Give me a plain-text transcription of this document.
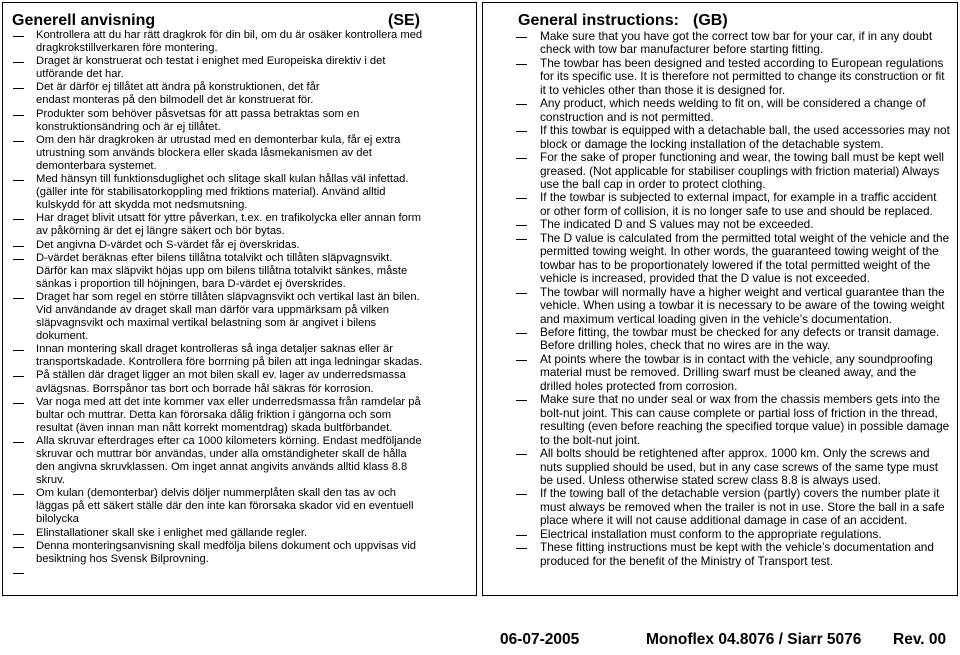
Generell anvisning	(SE)
Kontrollera att du har rätt dragkrok för din bil, om du är osäker kontrollera med
dragkrokstillverkaren före montering.
Draget är konstruerat och testat i enighet med Europeiska direktiv i det
utförande det har.
Det är därför ej tillåtet att ändra på konstruktionen, det får
endast monteras på den bilmodell det är konstruerat för.
Produkter som behöver påsvetsas för att passa betraktas som en
konstruktionsändring och är ej tillåtet.
Om den här dragkroken är utrustad med en demonterbar kula, får ej extra
utrustning som används blockera eller skada låsmekanismen av det
demonterbara systemet.
Med hänsyn till funktionsduglighet och slitage skall kulan hållas väl infettad.
(gäller inte för stabilisatorkoppling med friktions material). Använd alltid
kulskydd för att skydda mot nedsmutsning.
Har draget blivit utsatt för yttre påverkan, t.ex. en trafikolycka eller annan form
av påkörning är det ej längre säkert och bör bytas.
Det angivna D-värdet och S-värdet får ej överskridas.
D-värdet beräknas efter bilens tillåtna totalvikt och tillåten släpvagnsvikt.
Därför kan max släpvikt höjas upp om bilens tillåtna totalvikt sänkes, måste
sänkas i proportion till höjningen, bara D-värdet ej överskrides.
Draget har som regel en större tillåten släpvagnsvikt och vertikal last än bilen.
Vid användande av draget skall man därför vara uppmärksam på vilken
släpvagnsvikt och maximal vertikal belastning som är angivet i bilens
dokument.
Innan montering skall draget kontrolleras så inga detaljer saknas eller är
transportskadade. Kontrollera före borrning på bilen att inga ledningar skadas.
På ställen där draget ligger an mot bilen skall ev. lager av underredsmassa
avlägsnas. Borrspånor tas bort och borrade hål säkras för korrosion.
Var noga med att det inte kommer vax eller underredsmassa från ramdelar på
bultar och muttrar. Detta kan förorsaka dålig friktion i gängorna och som
resultat (även innan man nått korrekt momentdrag) skada bultförbandet.
Alla skruvar efterdrages efter ca 1000 kilometers körning. Endast medföljande
skruvar och muttrar bör användas, under alla omständigheter skall de hålla
den angivna skruvklassen. Om inget annat angivits används alltid klass 8.8
skruv.
Om kulan (demonterbar) delvis döljer nummerplåten skall den tas av och
läggas på ett säkert ställe där den inte kan förorsaka skador vid en eventuell
bilolycka
Elinstallationer skall ske i enlighet med gällande regler.
Denna monteringsanvisning skall medfölja bilens dokument och uppvisas vid
besiktning hos Svensk Bilprovning.
General instructions: (GB)
Make sure that you have got the correct tow bar for your car, if in any doubt
check with tow bar manufacturer before starting fitting.
The towbar has been designed and tested according to European regulations
for its specific use. It is therefore not permitted to change its construction or fit
it to vehicles other than those it is designed for.
Any product, which needs welding to fit on, will be considered a change of
construction and is not permitted.
If this towbar is equipped with a detachable ball, the used accessories may not
block or damage the locking installation of the detachable system.
For the sake of proper functioning and wear, the towing ball must be kept well
greased. (Not applicable for stabiliser couplings with friction material) Always
use the ball cap in order to protect clothing.
If the towbar is subjected to external impact, for example in a traffic accident
or other form of collision, it is no longer safe to use and should be replaced.
The indicated D and S values may not be exceeded.
The D value is calculated from the permitted total weight of the vehicle and the
permitted towing weight. In other words, the guaranteed towing weight of the
towbar has to be proportionately lowered if the total permitted weight of the
vehicle is increased, provided that the D value is not exceeded.
The towbar will normally have a higher weight and vertical guarantee than the
vehicle. When using a towbar it is necessary to be aware of the towing weight
and maximum vertical loading given in the vehicle’s documentation.
Before fitting, the towbar must be checked for any defects or transit damage.
Before drilling holes, check that no wires are in the way.
At points where the towbar is in contact with the vehicle, any soundproofing
material must be removed. Drilling swarf must be cleaned away, and the
drilled holes protected from corrosion.
Make sure that no under seal or wax from the chassis members gets into the
bolt-nut joint. This can cause complete or partial loss of friction in the thread,
resulting (even before reaching the specified torque value) in possible damage
to the bolt-nut joint.
All bolts should be retightened after approx. 1000 km. Only the screws and
nuts supplied should be used, but in any case screws of the same type must
be used. Unless otherwise stated screw class 8.8 is always used.
If the towing ball of the detachable version (partly) covers the number plate it
must always be removed when the trailer is not in use. Store the ball in a safe
place where it will not cause additional damage in case of an accident.
Electrical installation must conform to the appropriate regulations.
These fitting instructions must be kept with the vehicle’s documentation and
produced for the benefit of the Ministry of Transport test.
06-07-2005	Monoflex 04.8076 / Siarr 5076 Rev. 00
